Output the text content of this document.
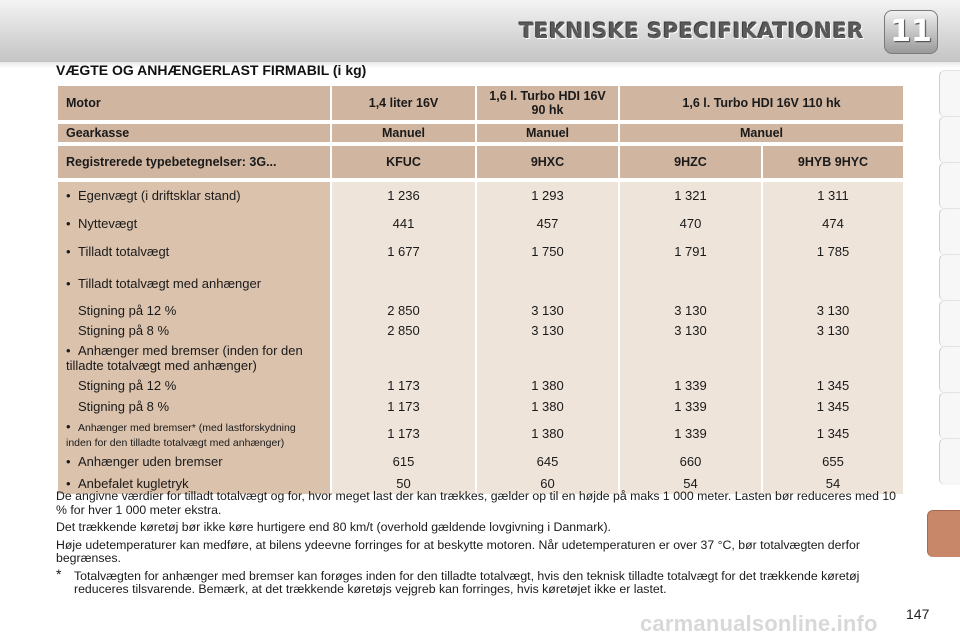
TEKNISKE SPECIFIKATIONER 11
VÆGTE OG ANHÆNGERLAST FIRMABIL (i kg)
Motor	1,4 liter 16V	1,6 l. Turbo HDI 16V 90 hk	1,6 l. Turbo HDI 16V 110 hk	

Gearkasse	Manuel	Manuel	Manuel	

Registrerede typebetegnelser: 3G...	KFUC	9HXC	9HZC	9HYB 9HYC

• Egenvægt (i driftsklar stand)	1 236	1 293	1 321	1 311
• Nyttevægt	441	457	470	474
• Tilladt totalvægt	1 677	1 750	1 791	1 785
• Tilladt totalvægt med anhænger				
Stigning på 12 %	2 850	3 130	3 130	3 130
Stigning på 8 %	2 850	3 130	3 130	3 130
• Anhænger med bremser (inden for den tilladte totalvægt med anhænger)				
Stigning på 12 %	1 173	1 380	1 339	1 345
Stigning på 8 %	1 173	1 380	1 339	1 345
• Anhænger med bremser* (med lastforskydning inden for den tilladte totalvægt med anhænger)	1 173	1 380	1 339	1 345
• Anhænger uden bremser	615	645	660	655
• Anbefalet kugletryk	50	60	54	54

De angivne værdier for tilladt totalvægt og for, hvor meget last der kan trækkes, gælder op til en højde på maks 1 000 meter. Lasten bør reduceres med 10 % for hver 1 000 meter ekstra.

Det trækkende køretøj bør ikke køre hurtigere end 80 km/t (overhold gældende lovgivning i Danmark).

Høje udetemperaturer kan medføre, at bilens ydeevne forringes for at beskytte motoren. Når udetemperaturen er over 37 °C, bør totalvægten derfor begrænses.

* Totalvægten for anhænger med bremser kan forøges inden for den tilladte totalvægt, hvis den teknisk tilladte totalvægt for det trækkende køretøj reduceres tilsvarende. Bemærk, at det trækkende køretøjs vejgreb kan forringes, hvis køretøjet ikke er lastet.

carmanualsonline.info 147
